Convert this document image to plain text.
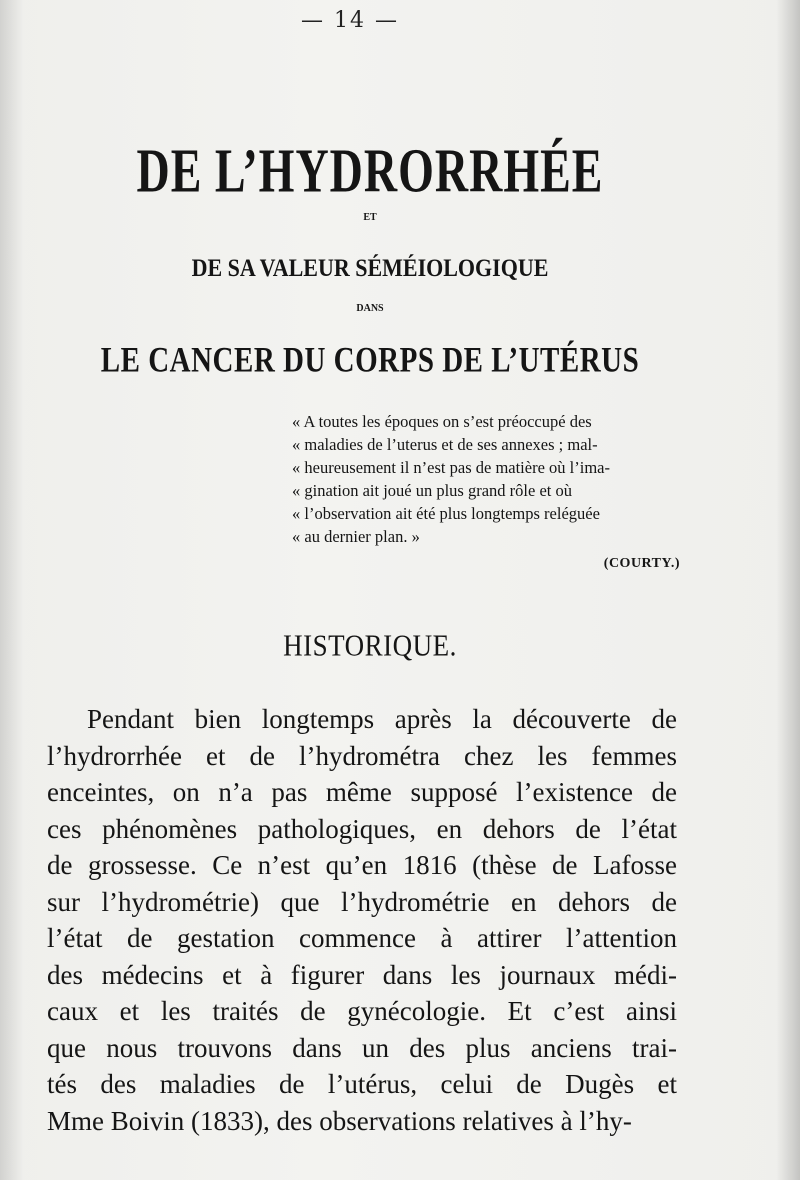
— 14 —
DE L’HYDRORRHÉE
ET
DE SA VALEUR SÉMÉIOLOGIQUE
DANS
LE CANCER DU CORPS DE L’UTÉRUS
« A toutes les époques on s’est préoccupé des
« maladies de l’uterus et de ses annexes ; mal-
« heureusement il n’est pas de matière où l’ima-
« gination ait joué un plus grand rôle et où
« l’observation ait été plus longtemps reléguée
« au dernier plan. »
(COURTY.)
HISTORIQUE.
Pendant bien longtemps après la découverte de
l’hydrorrhée et de l’hydrométra chez les femmes
enceintes, on n’a pas même supposé l’existence de
ces phénomènes pathologiques, en dehors de l’état
de grossesse. Ce n’est qu’en 1816 (thèse de Lafosse
sur l’hydrométrie) que l’hydrométrie en dehors de
l’état de gestation commence à attirer l’attention
des médecins et à figurer dans les journaux médi-
caux et les traités de gynécologie. Et c’est ainsi
que nous trouvons dans un des plus anciens trai-
tés des maladies de l’utérus, celui de Dugès et
Mme Boivin (1833), des observations relatives à l’hy-
